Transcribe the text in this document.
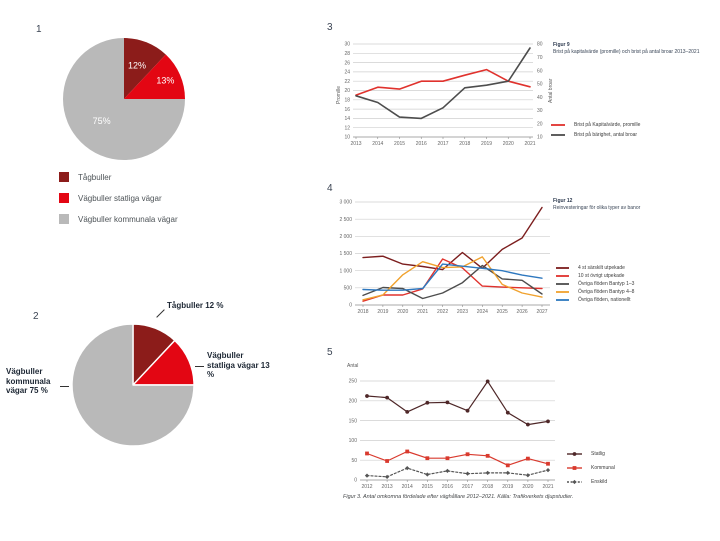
1
12%
13%
75%
Tågbuller
Vägbuller statliga vägar
Vägbuller kommunala vägar
2
Tågbuller 12 %
Vägbuller statliga vägar 13 %
Vägbuller kommunala vägar 75 %
3
10
12
14
16
18
20
22
24
26
28
30
10
20
30
40
50
60
70
80
2013 2014 2015 2016 2017 2018 2019 2020 2021
Promille	Antal broar
Figur 9
Brist på kapitalvärde (promille) och brist på antal broar 2013–2021
Brist på Kapitalvärde, promille
Brist på bärighet, antal broar
4
0
500
1 000
1 500
2 000
2 500
3 000
2018 2019 2020 2021 2022 2023 2024 2025 2026 2027
Figur 12
Reinvesteringar för olika typer av banor
4 st särskilt utpekade
10 st övrigt utpekade
Övriga flöden Bantyp 1–3
Övriga flöden Bantyp 4–8
Övriga flöden, nationellt
5
Antal
0
50
100
150
200
250
2012 2013 2014 2015 2016 2017 2018 2019 2020 2021
Statlig
Kommunal
Enskild
Figur 3. Antal omkomna fördelade efter väghållare 2012–2021. Källa: Trafikverkets djupstudier.
